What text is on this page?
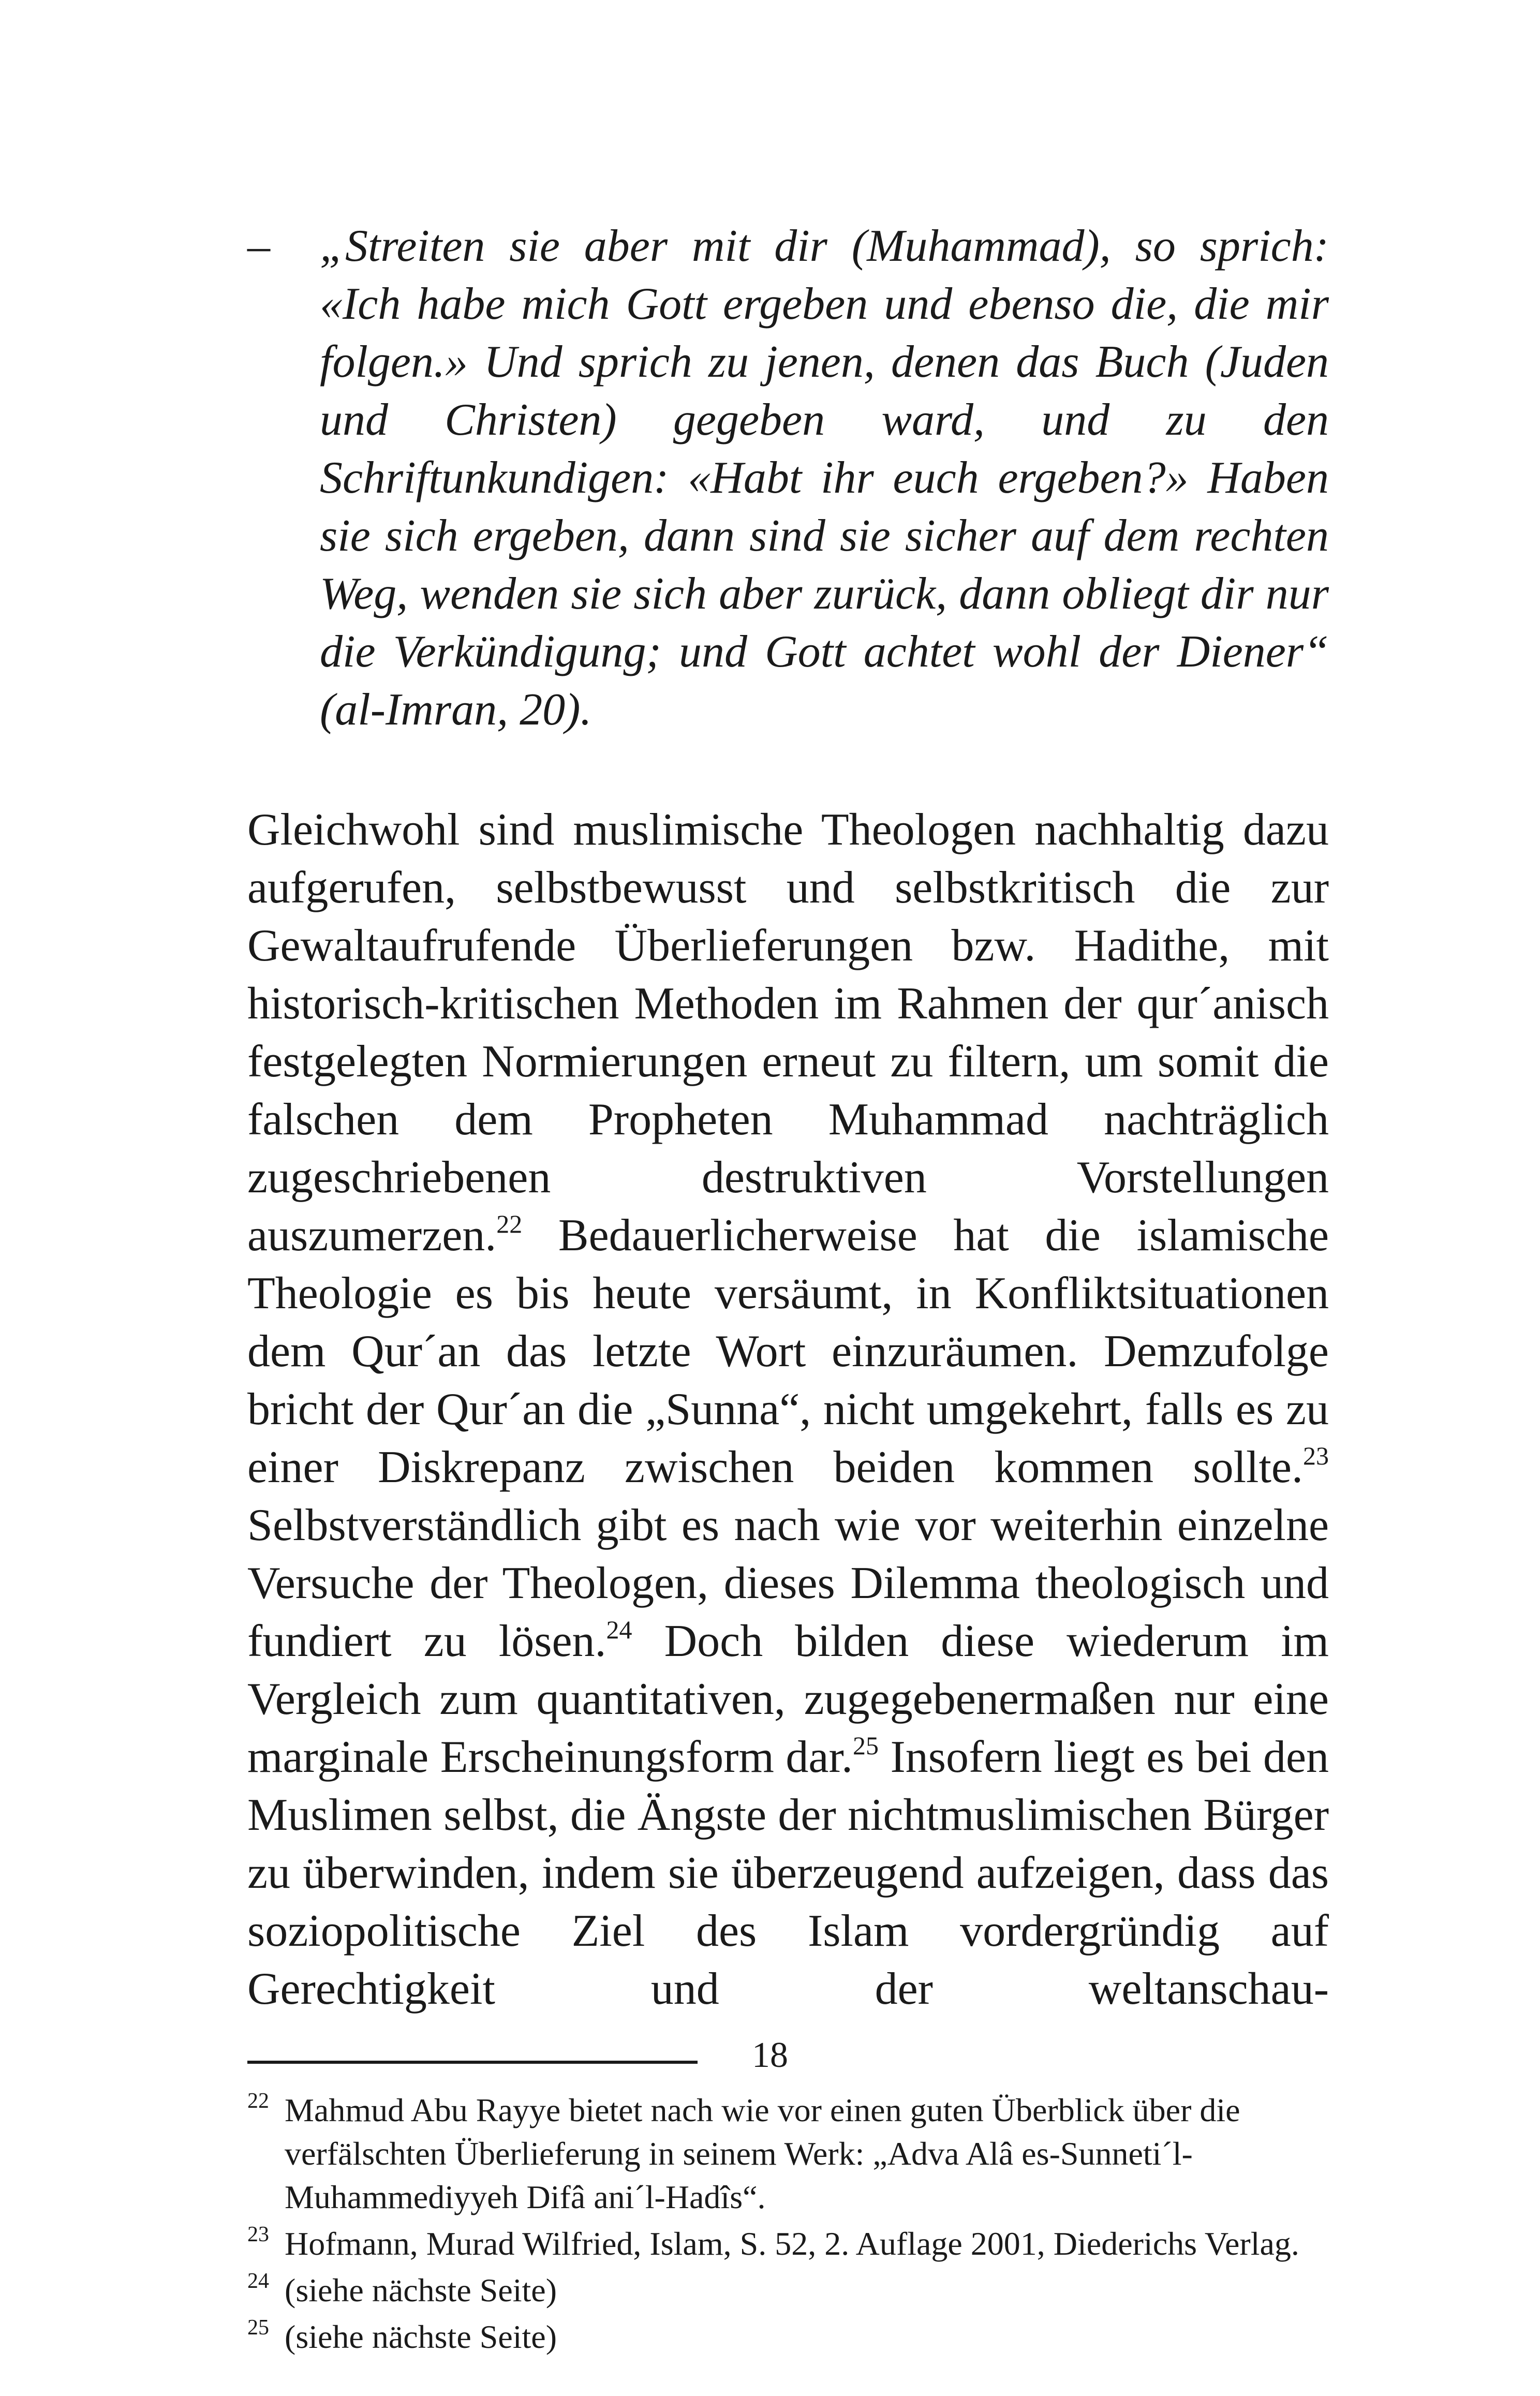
– „Streiten sie aber mit dir (Muhammad), so sprich: «Ich habe mich Gott ergeben und ebenso die, die mir folgen.» Und sprich zu jenen, denen das Buch (Juden und Christen) gegeben ward, und zu den Schriftunkundigen: «Habt ihr euch ergeben?» Haben sie sich ergeben, dann sind sie sicher auf dem rechten Weg, wenden sie sich aber zurück, dann obliegt dir nur die Verkündigung; und Gott achtet wohl der Diener“ (al-Imran, 20).

Gleichwohl sind muslimische Theologen nachhaltig dazu aufgerufen, selbstbewusst und selbstkritisch die zur Gewaltaufrufende Überlieferungen bzw. Hadithe, mit historisch-kritischen Methoden im Rahmen der qur´anisch festgelegten Normierungen erneut zu filtern, um somit die falschen dem Propheten Muhammad nachträglich zugeschriebenen destruktiven Vorstellungen auszumerzen.$^{22}$ Bedauerlicherweise hat die islamische Theologie es bis heute versäumt, in Konfliktsituationen dem Qur´an das letzte Wort einzuräumen. Demzufolge bricht der Qur´an die „Sunna“, nicht umgekehrt, falls es zu einer Diskrepanz zwischen beiden kommen sollte.$^{23}$ Selbstverständlich gibt es nach wie vor weiterhin einzelne Versuche der Theologen, dieses Dilemma theologisch und fundiert zu lösen.$^{24}$ Doch bilden diese wiederum im Vergleich zum quantitativen, zugegebenermaßen nur eine marginale Erscheinungsform dar.$^{25}$ Insofern liegt es bei den Muslimen selbst, die Ängste der nichtmuslimischen Bürger zu überwinden, indem sie überzeugend aufzeigen, dass das soziopolitische Ziel des Islam vordergründig auf Gerechtigkeit und der weltanschau-

22 Mahmud Abu Rayye bietet nach wie vor einen guten Überblick über die verfälschten Überlieferung in seinem Werk: „Adva Alâ es-Sunneti´l-Muhammediyyeh Difâ ani´l-Hadîs“.

23 Hofmann, Murad Wilfried, Islam, S. 52, 2. Auflage 2001, Diederichs Verlag.

24 (siehe nächste Seite)

25 (siehe nächste Seite)

18
